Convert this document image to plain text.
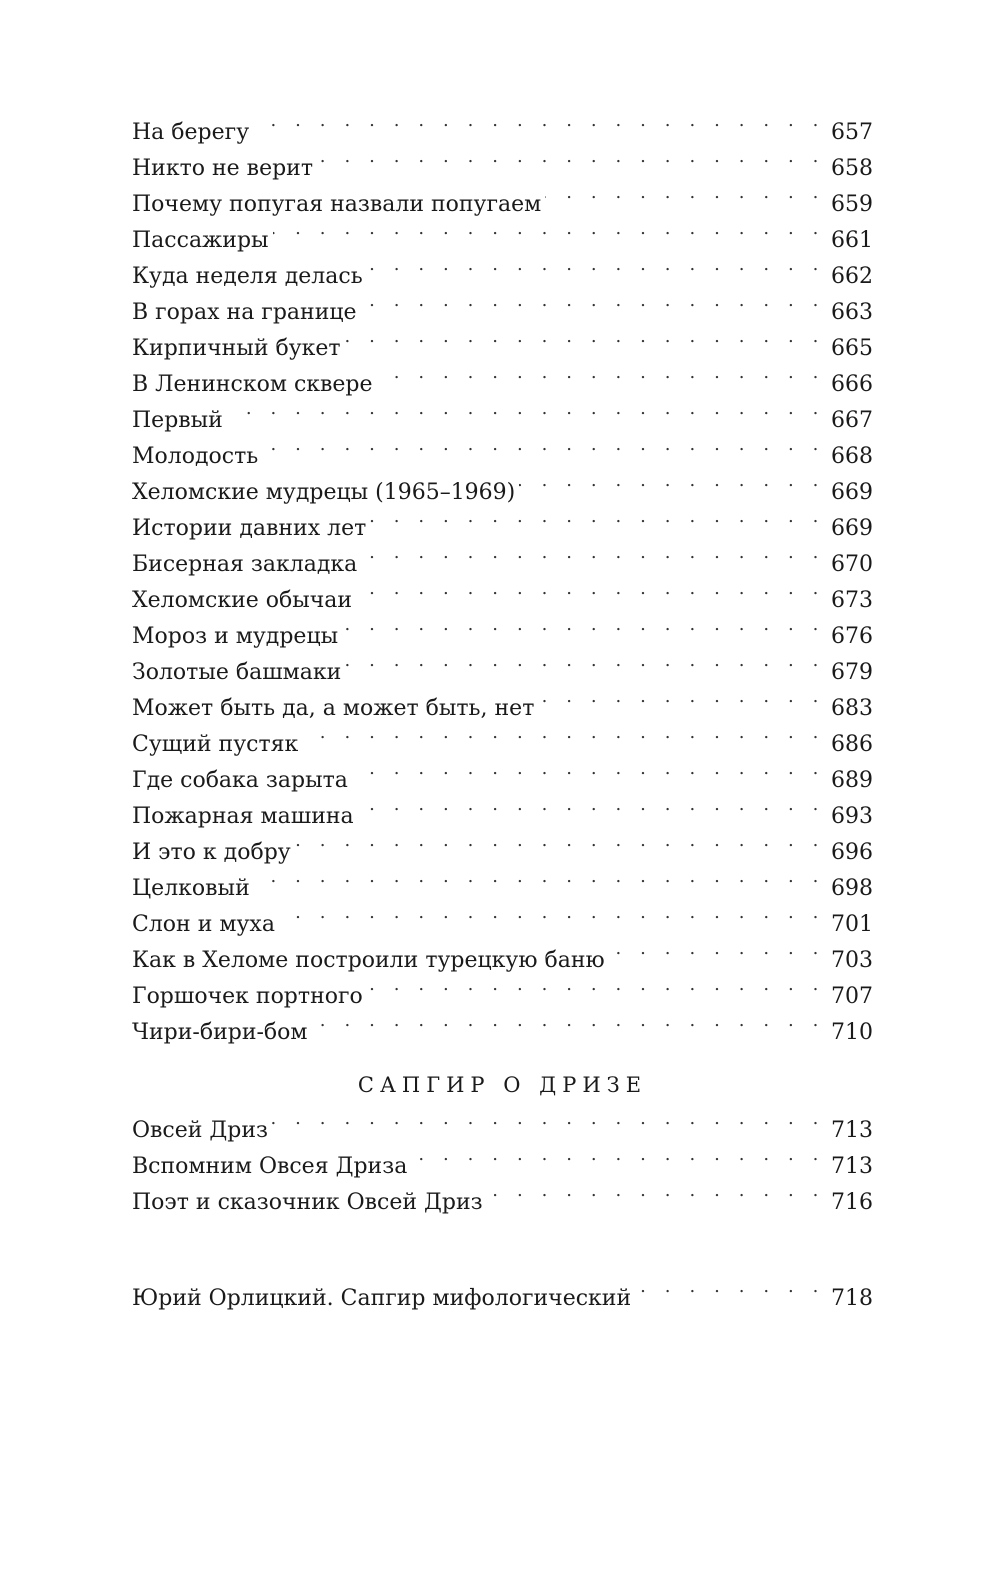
На берегу . . .	657
Никто не верит . . .	658
Почему попугая назвали попугаем . . .	659
Пассажиры . . .	661
Куда неделя делась . . .	662
В горах на границе . . .	663
Кирпичный букет . . .	665
В Ленинском сквере . . .	666
Первый . . .	667
Молодость . . .	668
Хеломские мудрецы (1965–1969) . . .	669
Истории давних лет . . .	669
Бисерная закладка . . .	670
Хеломские обычаи . . .	673
Мороз и мудрецы . . .	676
Золотые башмаки . . .	679
Может быть да, а может быть, нет . . .	683
Сущий пустяк . . .	686
Где собака зарыта . . .	689
Пожарная машина . . .	693
И это к добру . . .	696
Целковый . . .	698
Слон и муха . . .	701
Как в Хеломе построили турецкую баню . . .	703
Горшочек портного . . .	707
Чири-бири-бом . . .	710
САПГИР О ДРИЗЕ
Овсей Дриз . . .	713
Вспомним Овсея Дриза . . .	713
Поэт и сказочник Овсей Дриз . . .	716
Юрий Орлицкий. Сапгир мифологический . . .	718
